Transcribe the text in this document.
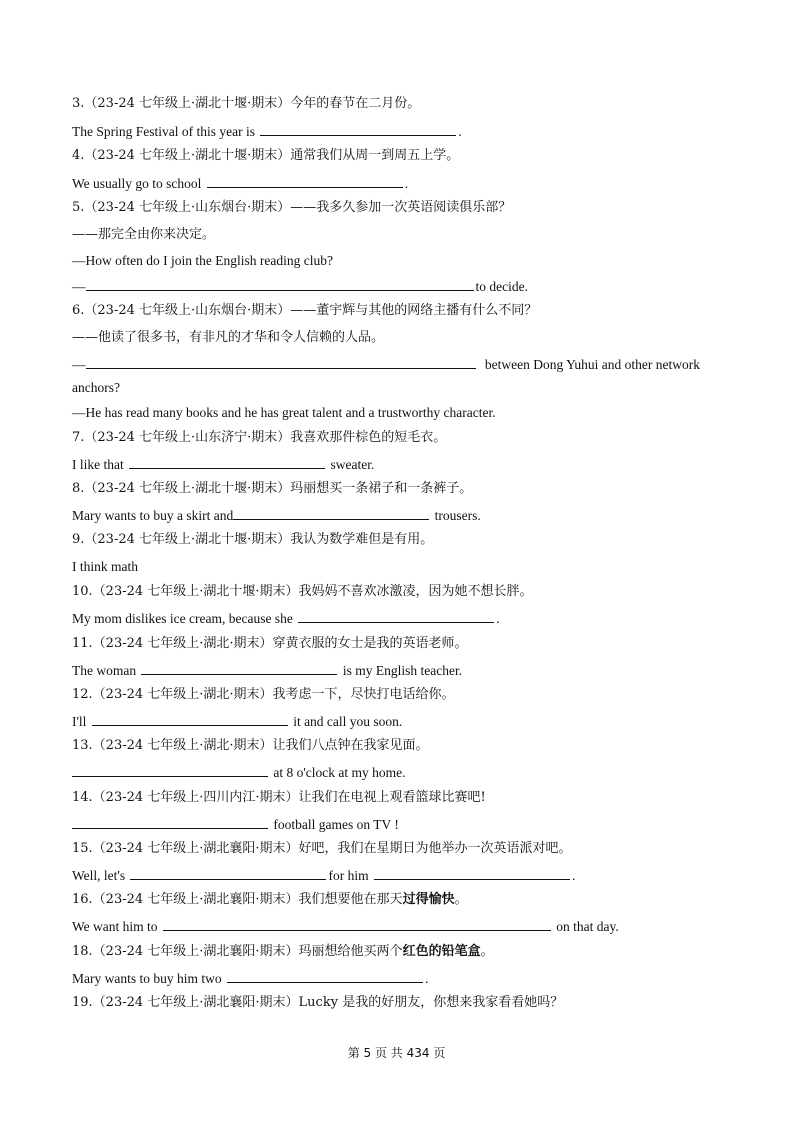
3.（23-24 七年级上·湖北十堰·期末）今年的春节在二月份。
The Spring Festival of this year is	.
4.（23-24 七年级上·湖北十堰·期末）通常我们从周一到周五上学。
We usually go to school	.
5.（23-24 七年级上·山东烟台·期末）——我多久参加一次英语阅读俱乐部？
——那完全由你来决定。
—How often do I join the English reading club?
—	to decide.
6.（23-24 七年级上·山东烟台·期末）——董宇辉与其他的网络主播有什么不同？
——他读了很多书，有非凡的才华和令人信赖的人品。
—	between Dong Yuhui and other network
anchors?
—He has read many books and he has great talent and a trustworthy character.
7.（23-24 七年级上·山东济宁·期末）我喜欢那件棕色的短毛衣。
I like that	sweater.
8.（23-24 七年级上·湖北十堰·期末）玛丽想买一条裙子和一条裤子。
Mary wants to buy a skirt and	trousers.
9.（23-24 七年级上·湖北十堰·期末）我认为数学难但是有用。
I think math
10.（23-24 七年级上·湖北十堰·期末）我妈妈不喜欢冰激凌，因为她不想长胖。
My mom dislikes ice cream, because she	.
11.（23-24 七年级上·湖北·期末）穿黄衣服的女士是我的英语老师。
The woman	is my English teacher.
12.（23-24 七年级上·湖北·期末）我考虑一下，尽快打电话给你。
I'll	it and call you soon.
13.（23-24 七年级上·湖北·期末）让我们八点钟在我家见面。
at 8 o'clock at my home.
14.（23-24 七年级上·四川内江·期末）让我们在电视上观看篮球比赛吧!
football games on TV !
15.（23-24 七年级上·湖北襄阳·期末）好吧，我们在星期日为他举办一次英语派对吧。
Well, let's	for him	.
16.（23-24 七年级上·湖北襄阳·期末）我们想要他在那天过得愉快。
We want him to	on that day.
18.（23-24 七年级上·湖北襄阳·期末）玛丽想给他买两个红色的铅笔盒。
Mary wants to buy him two	.
19.（23-24 七年级上·湖北襄阳·期末）Lucky 是我的好朋友，你想来我家看看她吗？
第 5 页 共 434 页
